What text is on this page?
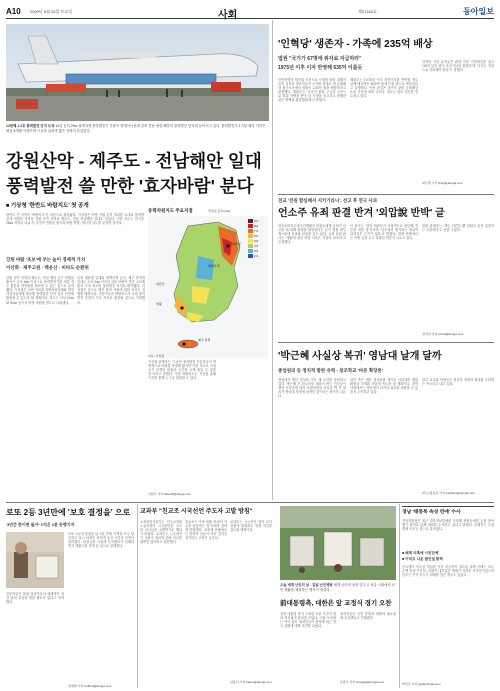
A10 2009년 6월 20일 토요일	사회	제27160호	동아일보
14번째 1·2호 풍력발전 단지 도착 14일 높이 20m 날개 3개 풍력발전기 부품이 컨테이너선에 실려 전남 영광 해안의 풍력발전 단지에 들어서고 있다. 풍력발전기 1기당 제작 기간은 평균 6개월 이상이며 시공과 설치에 많은 인력이 투입된다.
강원산악 - 제주도 - 전남해안 일대
풍력발전 쓸 만한 '효자바람' 분다
■ 기상청 '한반도 바람지도' 첫 공개
한반도 전 지역의 '바람지도'가 처음으로 완성됐다. 기상청은 바람 자원 분석 결과를 토대로 풍력발전에 적합한 지역을 강원 산악 지역과 제주도, 전남 서남해안 일대로 꼽았다. 이번 지도는 전국을 1km 격자로 나눠 각 지점의 연평균 풍속과 바람 방향, 에너지 밀도를 분석한 것이다.
강원 바람 '초보'에 부는 높이 경제적 가치
이산화 · 제주고원 · 백운산 · 비바도 순환위
강원 산악 지역과 제주도, 전남 해안 등은 연평균 풍속이 초속 6m 이상으로 풍력발전기를 세울 경우 충분한 발전량을 확보할 수 있는 것으로 분석됐다. 기상청은 이번 자료를 지방자치단체와 발전 사업자들에게 제공해 풍력발전 단지 입지 선정에 활용할 수 있도록 할 계획이다. 지도는 지상 50m와 80m 높이의 바람 자원을 별도로 나타냈다.
특히 대관령 일대와 태백산맥 능선, 제주 한경면 일대는 초속 8m 이상의 강한 바람이 연중 고르게 불어 국내 최고의 풍력발전 적지로 평가됐다. 기상청은 앞으로 해상 풍력 자원에 대한 조사도 진행할 예정이다. 전문가들은 바람지도가 국내 풍력발전 산업의 기초 자료로 활용될 것으로 기대했다.
기상청 관계자는 '그동안 풍력발전 사업자들이 개별적으로 바람을 측정해 왔지만 이번 지도로 사업 초기 단계의 비용과 시간을 크게 줄일 수 있을 것'이라고 말했다. 이번 바람지도는 기상청 홈페이지를 통해 누구나 열람할 수 있다.
이원주 기자 takeoff@donga.com
동력자원지도 주요지점	연평균 풍속(m/s)
9.0
8.0
7.0
6.0
5.0
4.0
3.0
2.0
대관령
태백산맥
제주 한경
영광
새만금
자료: 기상청
'인혁당' 생존자 - 가족에 235억 배상
법원 "국가가 67명에 위자료 지급하라"
1975년 이후 이자 반영해 635억 이를듯
인민혁명당 재건위 사건으로 사형을 당한 피해자들의 유족과 생존자들이 국가를 상대로 낸 손해배상 청구소송에서 법원이 235억 원을 배상하라고 판결했다. 재판부는 '국가가 불법 구금과 고문으로 허위 자백을 받아 내 사형을 선고하고 집행한 것은 명백한 위법행위'라고 밝혔다.
재판부는 1975년 이후 지연이자를 반영할 경우 실제 배상액은 635억 원에 이를 것으로 예상된다고 설명했다. 이번 판결은 과거사 관련 손해배상 소송 가운데 최대 규모다. 정부는 항소 여부를 검토하고 있다.
인혁당 사건 유족들은 판결 직후 기자회견을 열고 '30여 년의 한이 조금이나마 풀렸다'며 '국가는 진심으로 사죄해야 한다'고 말했다.
최우열 기자 dnsp@donga.com
전교 '전원 합심해서 지키기라니', 선고 후 연극 사과
언소주 유죄 판결 반겨 '외압說 반박' 글
언론소비자주권국민캠페인 회원들에게 유죄가 선고된 데 대해 판결을 환영한다는 글이 법원 내부 게시판에 올라와 관심을 끌고 있다. 글을 올린 판사는 '재판에 대한 외압 의혹은 사실과 다르다'고 주장했다.
이 판사는 '담당 재판부가 독립적으로 판단해 결론을 내린 것'이라며 '일부에서 제기하는 정치적 압력설은 근거가 없다'고 밝혔다. 법원 안팎에서는 이번 글을 두고 다양한 반응이 나오고 있다.
법원 관계자는 '개인 의견일 뿐 법원의 공식 입장과는 무관하다'고 선을 그었다.
전지성 기자 verite@donga.com
'박근혜 사실상 복귀' 영남대 날개 달까
종업원의 등 정치적 발판 유력 - 창조학교 '바른 확장론'
영남대가 재단 정상화 이후 새 도약을 준비하고 있다. 박근혜 전 한나라당 대표의 측근 인사들이 재단 이사진에 대거 포함되면서 사실상 박 전 대표가 영남대 경영에 복귀한 것이라는 평가가 나온다.
대학 측은 재단 정상화를 계기로 의과대학 병원 확충과 국제화 사업에 속도를 낼 계획이다. 지역 사회에서는 영남대가 과거의 위상을 되찾을 수 있을지 주목하고 있다.
일부 교수와 학생들은 정치적 영향력 확대를 우려하는 목소리도 내고 있다.
대구=정용균 기자 cavatina@donga.com
로또 2등 3년만에 '보호 결정을' 으로
'3년간 한이면 돌아'·1억은 3분 동행기자
로또 2등에 당첨된 뒤 3년 만에 거액을 모두 탕진하고 다시 어려운 처지에 놓인 시민의 사연이 알려졌다. 당첨금을 사업에 투자했다가 실패하면서 생활고를 겪게 된 것으로 전해졌다.
전문가들은 복권 당첨자들이 체계적인 자산 관리 교육을 받을 필요가 있다고 지적했다.
김재영 기자 redfoot@donga.com
교과부 "친교조 시국선언 주도자 고발 방침"
교육과학기술부는 전국교직원노동조합의 시국선언을 주도한 교사들을 고발하기로 했다고 밝혔다. 교과부는 시국선언이 교원의 정치적 중립 의무를 위반한 것이라고 판단했다.
전교조는 이에 대해 '표현의 자유를 탄압하는 것'이라며 강하게 반발했다. 교육계 안팎에서는 양측의 갈등이 더욱 깊어질 것이라는 우려가 나온다.
교과부는 시국선언 참여 교사 전원에 대해서도 징계 여부를 검토할 예정이다.
남윤서 기자 baron@donga.com
오늘 세계 난민의 날 - 길잃 난민체험 세계 난민의 날을 앞두고 서울 시내에서 난민 생활을 체험하는 행사가 열렸다.
前대통령측, 대한은 앞 교정식 경기 오찬
전직 대통령 측이 주최한 오찬 모임이 열려 정치권의 관심을 모았다. 이날 모임에는 여야 원로 정치인들이 참석해 최근 정국 상황에 대해 의견을 나눴다.
참석자들은 국민 통합과 화합의 필요성에 공감했다고 전해졌다.
조용우 기자 woogija@donga.com
경남 '태풍복 속성 연애' 수사
경남경찰청은 최근 결혼정보업체를 가장해 회원들에게 돈을 받아 챙긴 혐의로 업체 대표를 수사하고 있다고 밝혔다. 피해자는 수십 명에 이르는 것으로 알려졌다.
■ 배제 의혹에 시민단체
■ 이익도 나온 범인일 밝혀
신고센터 사무실 개설한 이후 지금까지 접수된 피해 사례는 모두 수백 건에 이른다. 피해자 대부분은 생계가 어려운 서민층이었으며 일부는 가족 모두가 피해를 입은 경우도 있었다.
박진우 기자 pjw@donga.com
